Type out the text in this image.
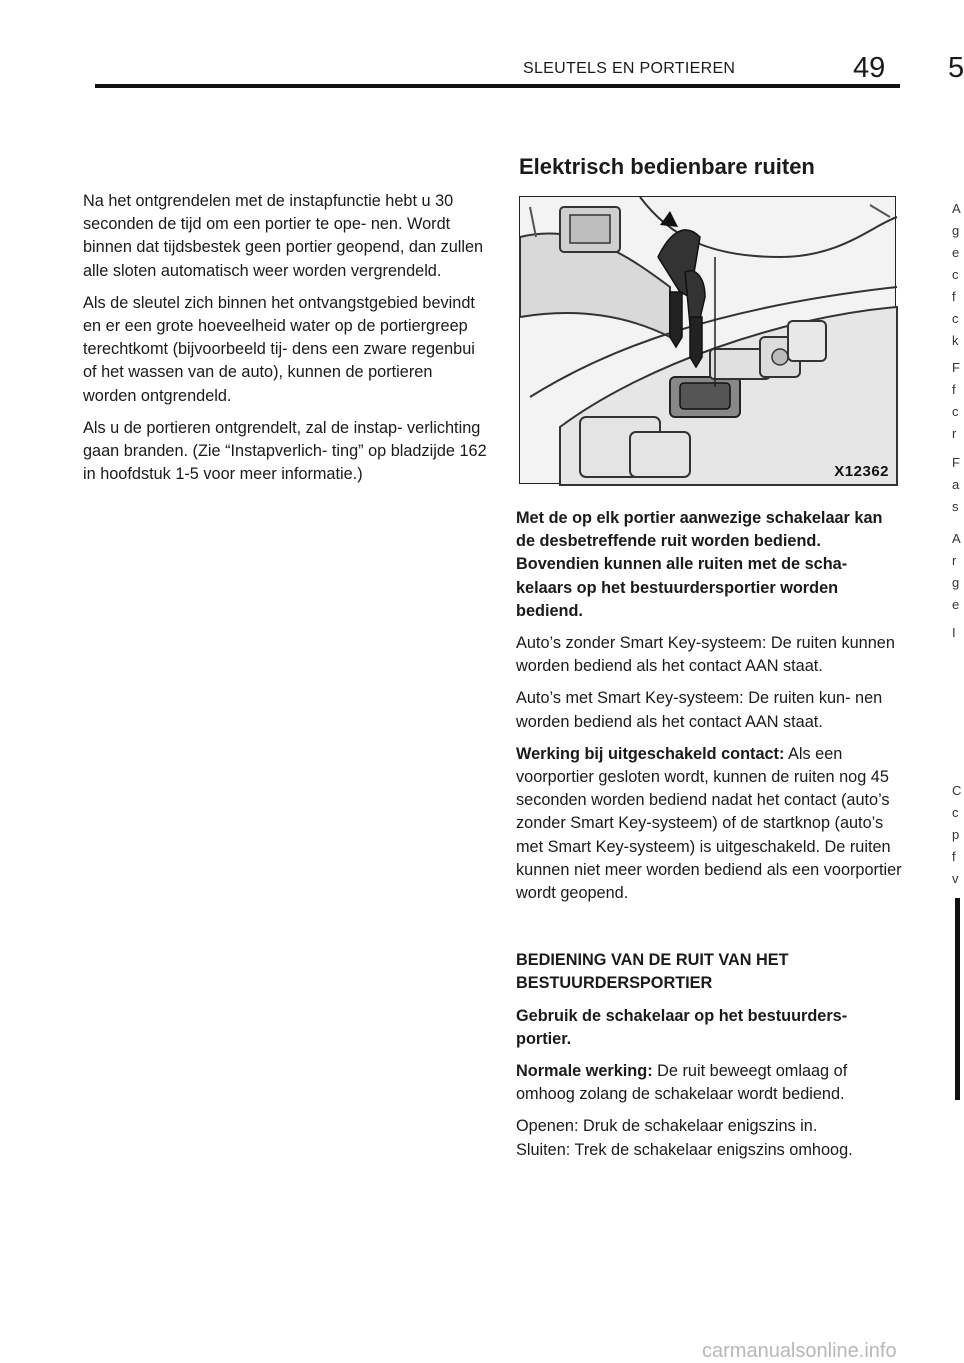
SLEUTELS EN PORTIEREN	49 5

Na het ontgrendelen met de instapfunctie hebt u 30 seconden de tijd om een portier te ope- nen. Wordt binnen dat tijdsbestek geen portier geopend, dan zullen alle sloten automatisch weer worden vergrendeld.

Als de sleutel zich binnen het ontvangstgebied bevindt en er een grote hoeveelheid water op de portiergreep terechtkomt (bijvoorbeeld tij- dens een zware regenbui of het wassen van de auto), kunnen de portieren worden ontgrendeld.

Als u de portieren ontgrendelt, zal de instap- verlichting gaan branden. (Zie “Instapverlich- ting” op bladzijde 162 in hoofdstuk 1-5 voor meer informatie.)

Elektrisch bedienbare ruiten
X12362

Met de op elk portier aanwezige schakelaar kan de desbetreffende ruit worden bediend. Bovendien kunnen alle ruiten met de scha- kelaars op het bestuurdersportier worden bediend.

Auto’s zonder Smart Key-systeem: De ruiten kunnen worden bediend als het contact AAN staat.

Auto’s met Smart Key-systeem: De ruiten kun- nen worden bediend als het contact AAN staat.

Werking bij uitgeschakeld contact: Als een voorportier gesloten wordt, kunnen de ruiten nog 45 seconden worden bediend nadat het contact (auto’s zonder Smart Key-systeem) of de startknop (auto’s met Smart Key-systeem) is uitgeschakeld. De ruiten kunnen niet meer worden bediend als een voorportier wordt geopend.

BEDIENING VAN DE RUIT VAN HET BESTUURDERSPORTIER

Gebruik de schakelaar op het bestuurders- portier.

Normale werking: De ruit beweegt omlaag of omhoog zolang de schakelaar wordt bediend.

Openen: Druk de schakelaar enigszins in.
Sluiten: Trek de schakelaar enigszins omhoog.

A
g
e
c
f
c
k
F
f
c
r
F
a
s
A
r
g
e
I
C
c
p
f
v
carmanualsonline.info
